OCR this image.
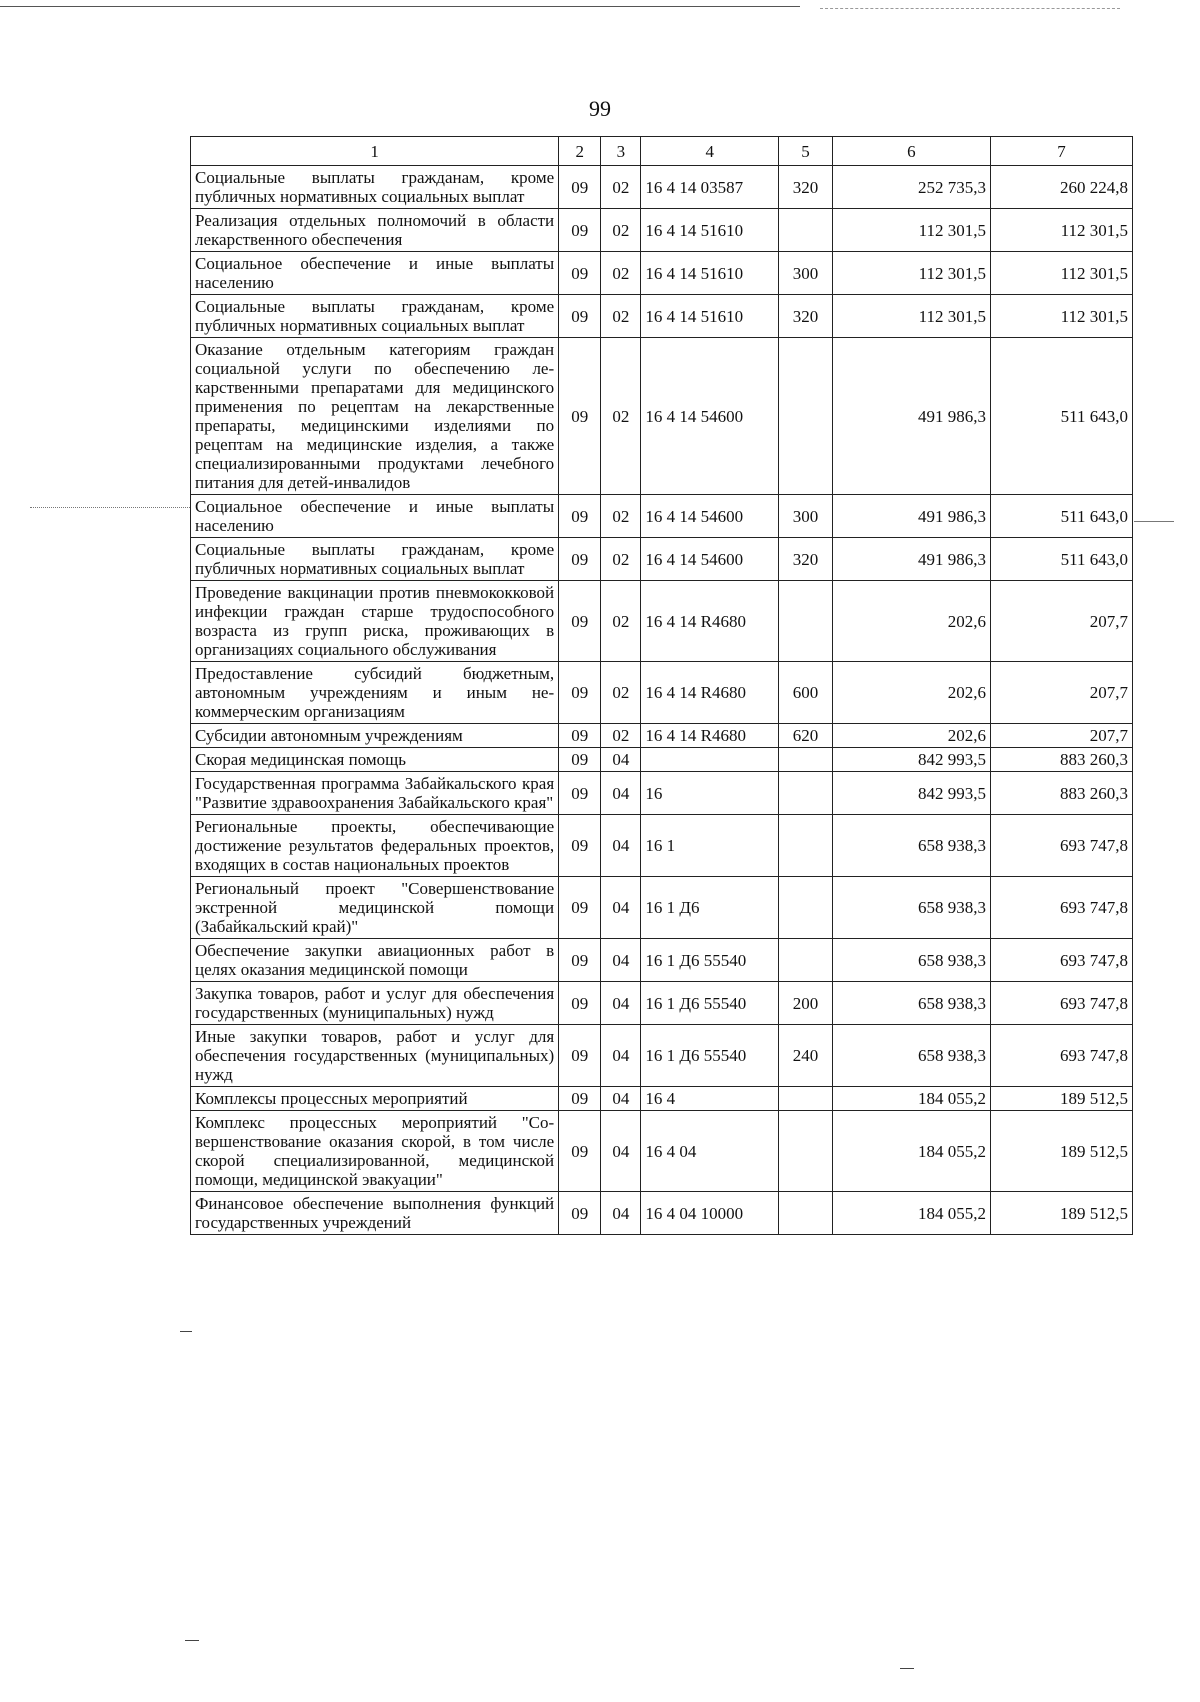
99
1	2	3	4	5	6	7
Социальные выплаты гражданам, кроме публичных нормативных социальных выплат	09	02	16 4 14 03587	320	252 735,3	260 224,8
Реализация отдельных полномочий в области лекарственного обеспечения	09	02	16 4 14 51610		112 301,5	112 301,5
Социальное обеспечение и иные выплаты населению	09	02	16 4 14 51610	300	112 301,5	112 301,5
Социальные выплаты гражданам, кроме публичных нормативных социальных выплат	09	02	16 4 14 51610	320	112 301,5	112 301,5
Оказание отдельным категориям граждан социальной услуги по обеспечению лекарственными препаратами для медицинского применения по рецептам на лекарственные препараты, медицинскими изделиями по рецептам на медицинские изделия, а также специализированными продуктами лечебного питания для детей-инвалидов	09	02	16 4 14 54600		491 986,3	511 643,0
Социальное обеспечение и иные выплаты населению	09	02	16 4 14 54600	300	491 986,3	511 643,0
Социальные выплаты гражданам, кроме публичных нормативных социальных выплат	09	02	16 4 14 54600	320	491 986,3	511 643,0
Проведение вакцинации против пневмококковой инфекции граждан старше трудоспособного возраста из групп риска, проживающих в организациях социального обслуживания	09	02	16 4 14 R4680		202,6	207,7
Предоставление субсидий бюджетным, автономным учреждениям и иным некоммерческим организациям	09	02	16 4 14 R4680	600	202,6	207,7
Субсидии автономным учреждениям	09	02	16 4 14 R4680	620	202,6	207,7
Скорая медицинская помощь	09	04			842 993,5	883 260,3
Государственная программа Забайкальского края "Развитие здравоохранения Забайкальского края"	09	04	16		842 993,5	883 260,3
Региональные проекты, обеспечивающие достижение результатов федеральных проектов, входящих в состав национальных проектов	09	04	16 1		658 938,3	693 747,8
Региональный проект "Совершенствование экстренной медицинской помощи (Забайкальский край)"	09	04	16 1 Д6		658 938,3	693 747,8
Обеспечение закупки авиационных работ в целях оказания медицинской помощи	09	04	16 1 Д6 55540		658 938,3	693 747,8
Закупка товаров, работ и услуг для обеспечения государственных (муниципальных) нужд	09	04	16 1 Д6 55540	200	658 938,3	693 747,8
Иные закупки товаров, работ и услуг для обеспечения государственных (муниципальных) нужд	09	04	16 1 Д6 55540	240	658 938,3	693 747,8
Комплексы процессных мероприятий	09	04	16 4		184 055,2	189 512,5
Комплекс процессных мероприятий "Совершенствование оказания скорой, в том числе скорой специализированной, медицинской помощи, медицинской эвакуации"	09	04	16 4 04		184 055,2	189 512,5
Финансовое обеспечение выполнения функций государственных учреждений	09	04	16 4 04 10000		184 055,2	189 512,5
